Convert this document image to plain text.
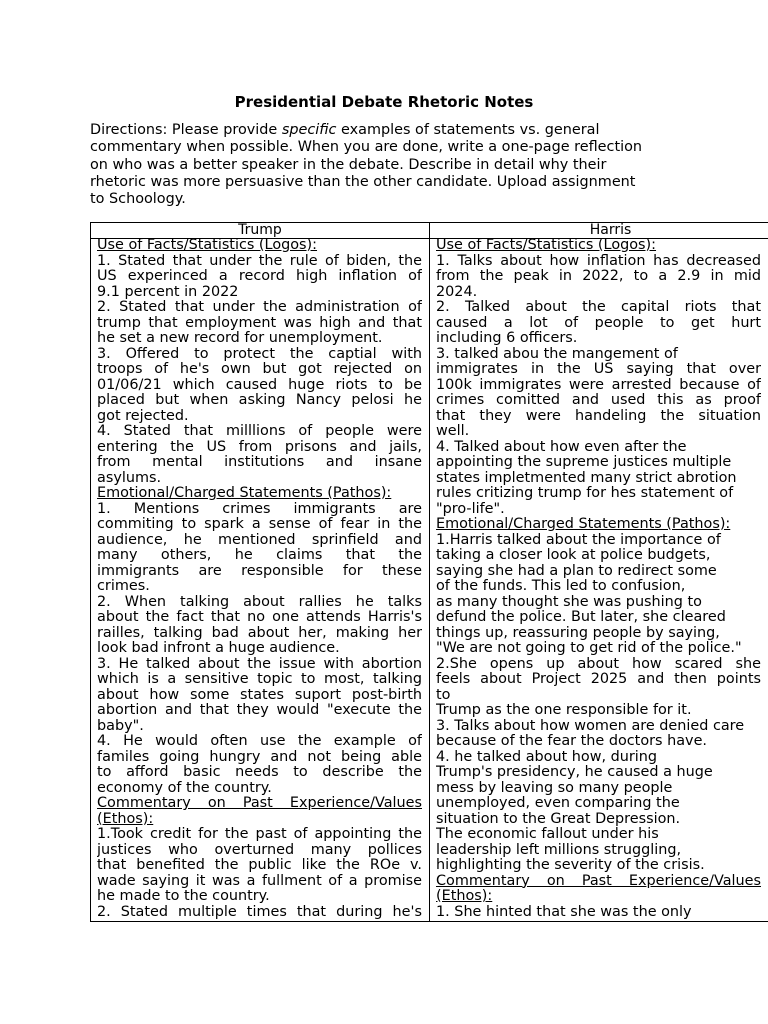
Presidential Debate Rhetoric Notes
Directions: Please provide specific examples of statements vs. general
commentary when possible. When you are done, write a one-page reflection
on who was a better speaker in the debate. Describe in detail why their
rhetoric was more persuasive than the other candidate. Upload assignment
to Schoology.
Trump	Harris
Use of Facts/Statistics (Logos):
1. Stated that under the rule of biden, the
US experinced a record high inflation of
9.1 percent in 2022
2. Stated that under the administration of
trump that employment was high and that
he set a new record for unemployment.
3. Offered to protect the captial with
troops of he's own but got rejected on
01/06/21 which caused huge riots to be
placed but when asking Nancy pelosi he
got rejected.
4. Stated that milllions of people were
entering the US from prisons and jails,
from mental institutions and insane
asylums.
Emotional/Charged Statements (Pathos):
1. Mentions crimes immigrants are
commiting to spark a sense of fear in the
audience, he mentioned sprinfield and
many others, he claims that the
immigrants are responsible for these
crimes.
2. When talking about rallies he talks
about the fact that no one attends Harris's
railles, talking bad about her, making her
look bad infront a huge audience.
3. He talked about the issue with abortion
which is a sensitive topic to most, talking
about how some states suport post-birth
abortion and that they would "execute the
baby".
4. He would often use the example of
familes going hungry and not being able
to afford basic needs to describe the
economy of the country.
Commentary on Past Experience/Values
(Ethos):
1.Took credit for the past of appointing the
justices who overturned many pollices
that benefited the public like the ROe v.
wade saying it was a fullment of a promise
he made to the country.
2. Stated multiple times that during he's
Use of Facts/Statistics (Logos):
1. Talks about how inflation has decreased
from the peak in 2022, to a 2.9 in mid
2024.
2. Talked about the capital riots that
caused a lot of people to get hurt
including 6 officers.
3. talked abou the mangement of
immigrates in the US saying that over
100k immigrates were arrested because of
crimes comitted and used this as proof
that they were handeling the situation
well.
4. Talked about how even after the
appointing the supreme justices multiple
states impletmented many strict abrotion
rules critizing trump for hes statement of
"pro-life".
Emotional/Charged Statements (Pathos):
1.Harris talked about the importance of
taking a closer look at police budgets,
saying she had a plan to redirect some
of the funds. This led to confusion,
as many thought she was pushing to
defund the police. But later, she cleared
things up, reassuring people by saying,
"We are not going to get rid of the police."
2.She opens up about how scared she
feels about Project 2025 and then points
to
Trump as the one responsible for it.
3. Talks about how women are denied care
because of the fear the doctors have.
4. he talked about how, during
Trump's presidency, he caused a huge
mess by leaving so many people
unemployed, even comparing the
situation to the Great Depression.
The economic fallout under his
leadership left millions struggling,
highlighting the severity of the crisis.
Commentary on Past Experience/Values
(Ethos):
1. She hinted that she was the only
